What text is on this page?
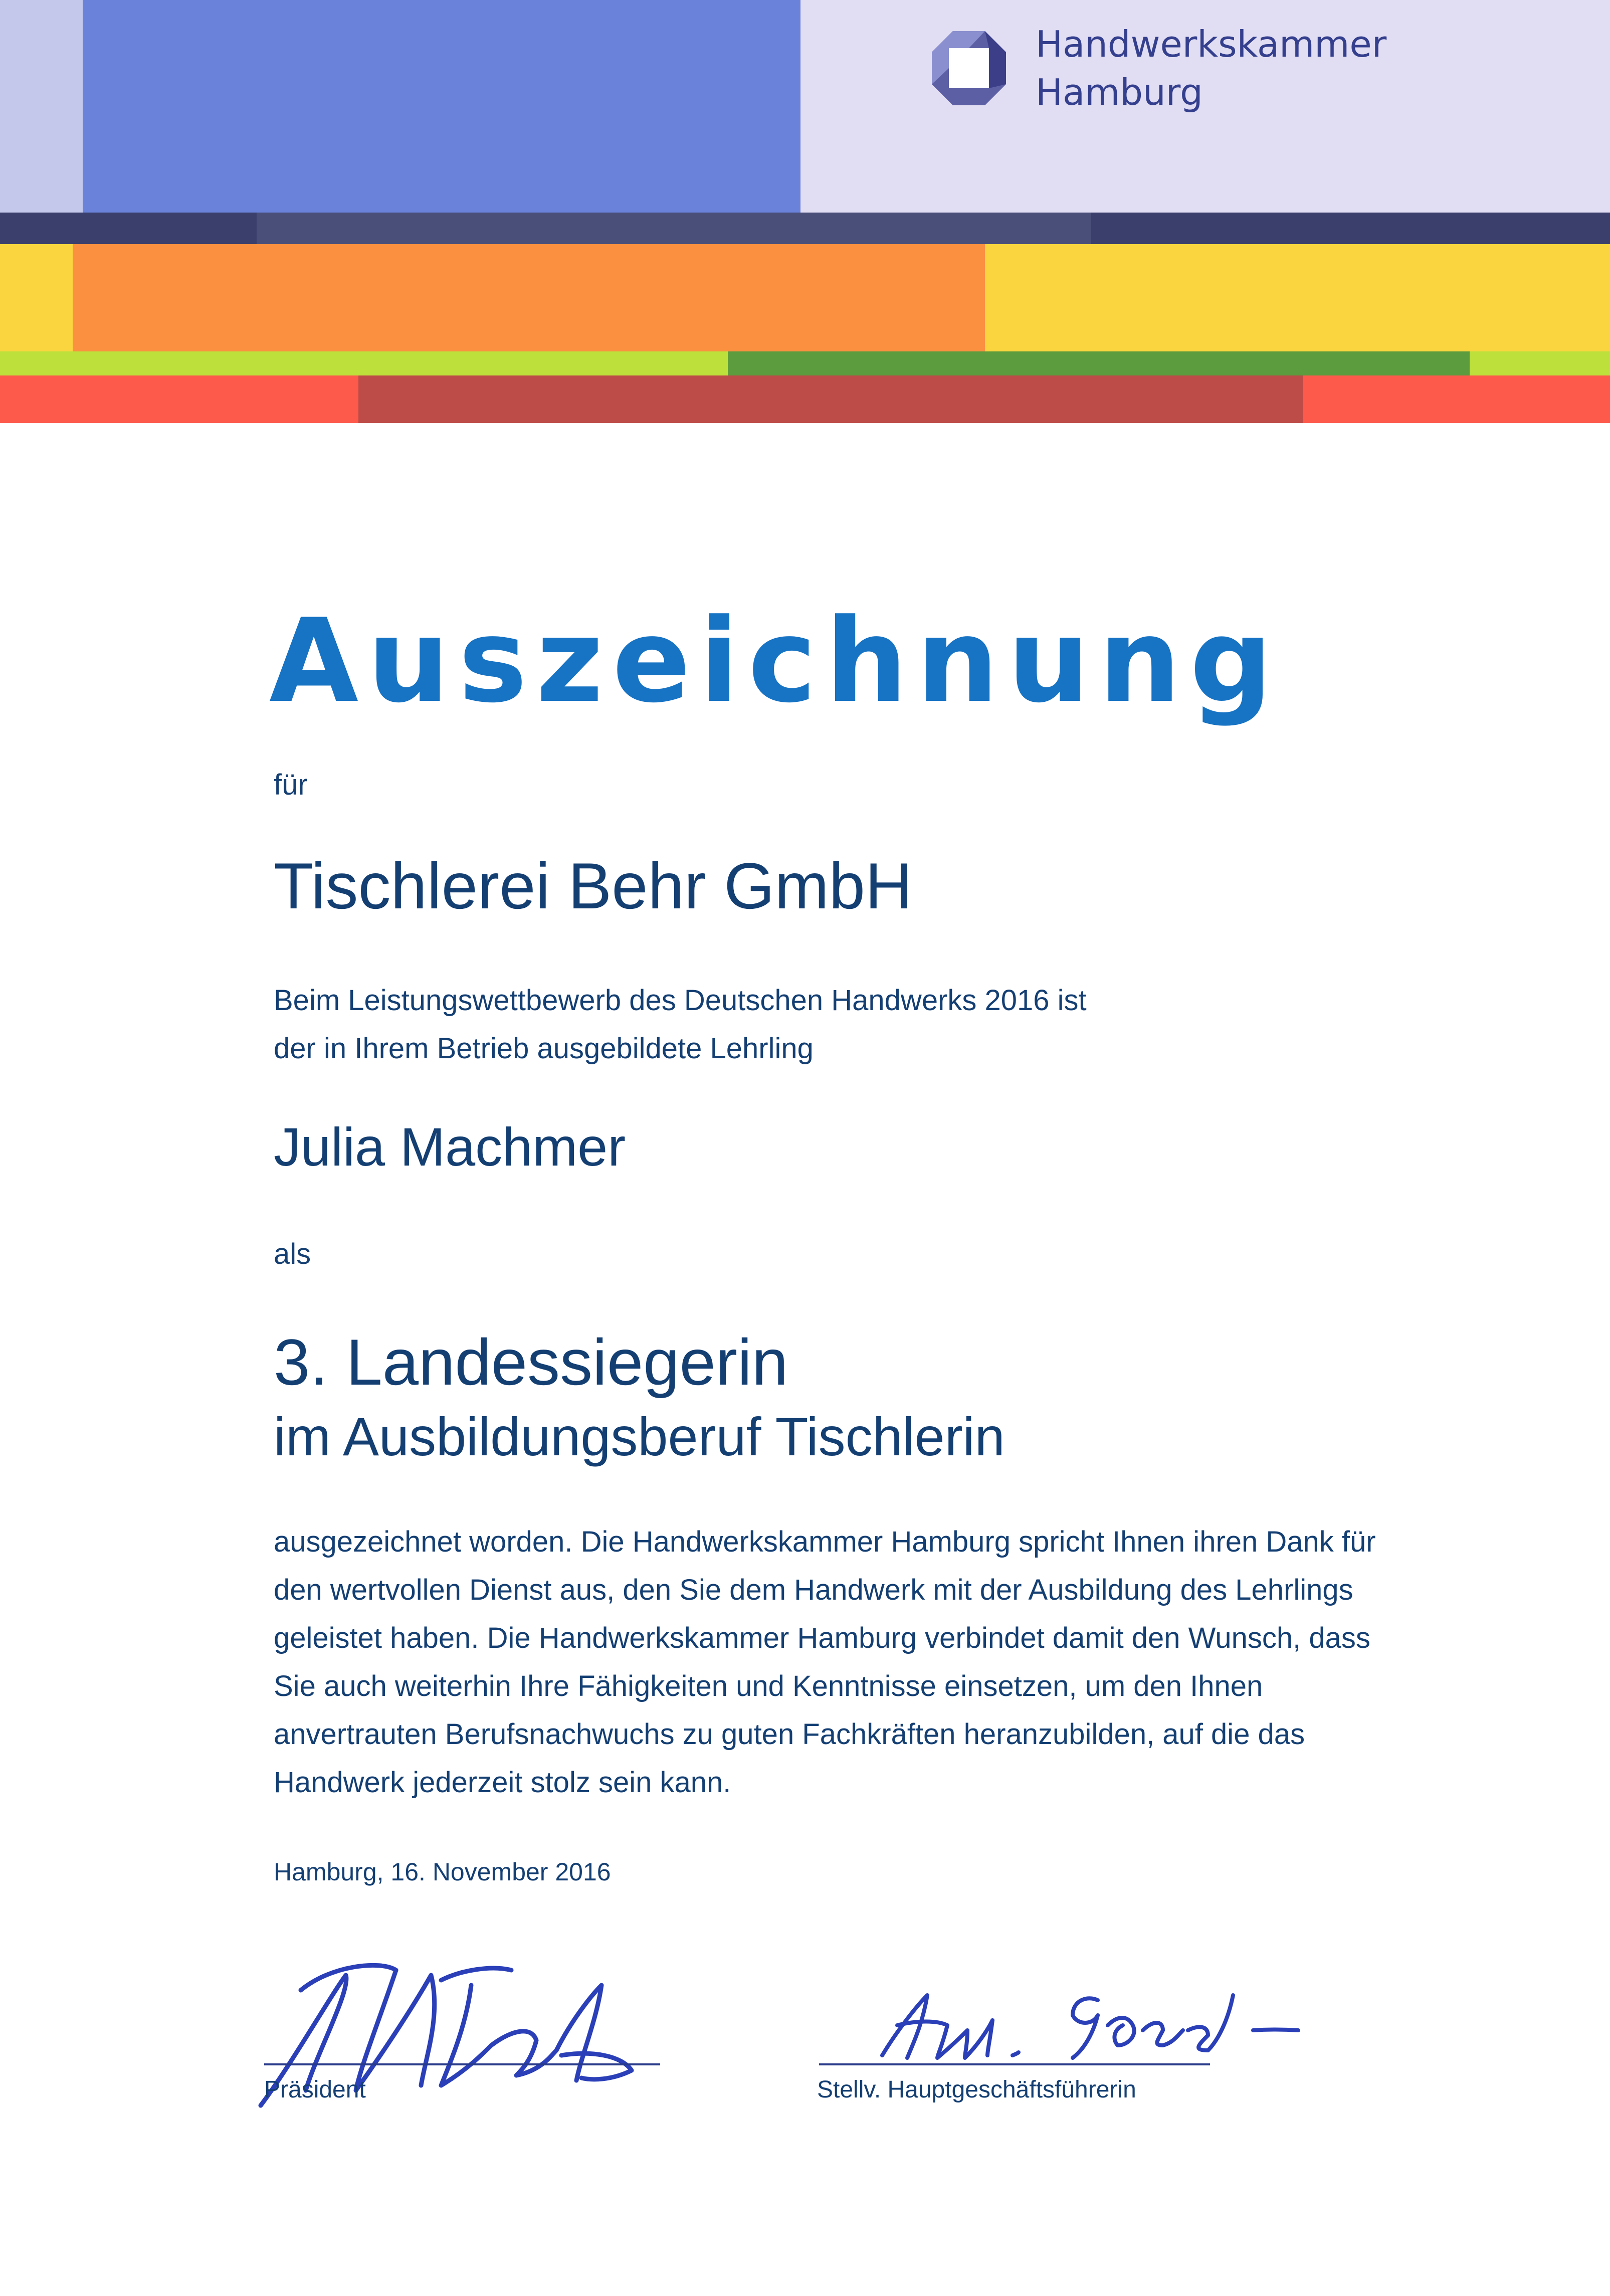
Handwerkskammer
Hamburg
Auszeichnung
für
Tischlerei Behr GmbH
Beim Leistungswettbewerb des Deutschen Handwerks 2016 ist
der in Ihrem Betrieb ausgebildete Lehrling
Julia Machmer
als
3. Landessiegerin
im Ausbildungsberuf Tischlerin
ausgezeichnet worden. Die Handwerkskammer Hamburg spricht Ihnen ihren Dank für
den wertvollen Dienst aus, den Sie dem Handwerk mit der Ausbildung des Lehrlings
geleistet haben. Die Handwerkskammer Hamburg verbindet damit den Wunsch, dass
Sie auch weiterhin Ihre Fähigkeiten und Kenntnisse einsetzen, um den Ihnen
anvertrauten Berufsnachwuchs zu guten Fachkräften heranzubilden, auf die das
Handwerk jederzeit stolz sein kann.
Hamburg, 16. November 2016
Präsident	Stellv. Hauptgeschäftsführerin
